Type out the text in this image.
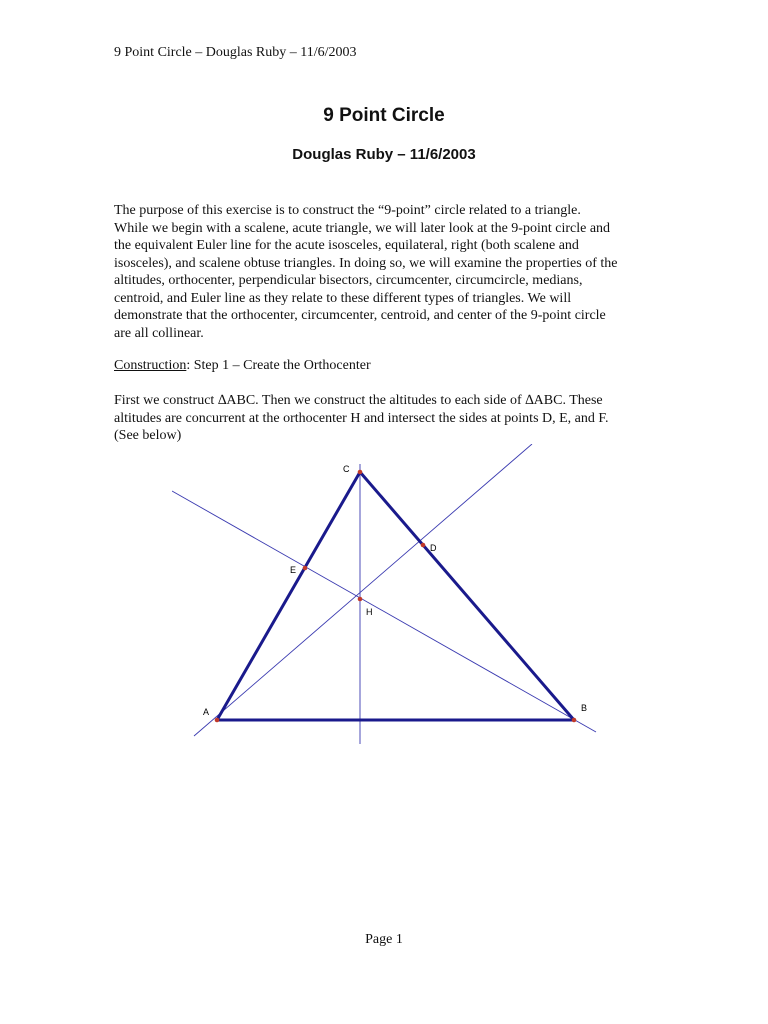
9 Point Circle – Douglas Ruby – 11/6/2003
9 Point Circle
Douglas Ruby – 11/6/2003
The purpose of this exercise is to construct the “9-point” circle related to a triangle.
While we begin with a scalene, acute triangle, we will later look at the 9-point circle and
the equivalent Euler line for the acute isosceles, equilateral, right (both scalene and
isosceles), and scalene obtuse triangles. In doing so, we will examine the properties of the
altitudes, orthocenter, perpendicular bisectors, circumcenter, circumcircle, medians,
centroid, and Euler line as they relate to these different types of triangles. We will
demonstrate that the orthocenter, circumcenter, centroid, and center of the 9-point circle
are all collinear.
Construction: Step 1 – Create the Orthocenter
First we construct ∆ABC. Then we construct the altitudes to each side of ∆ABC. These
altitudes are concurrent at the orthocenter H and intersect the sides at points D, E, and F.
(See below)
C
D
E
H
A	B
Page 1
